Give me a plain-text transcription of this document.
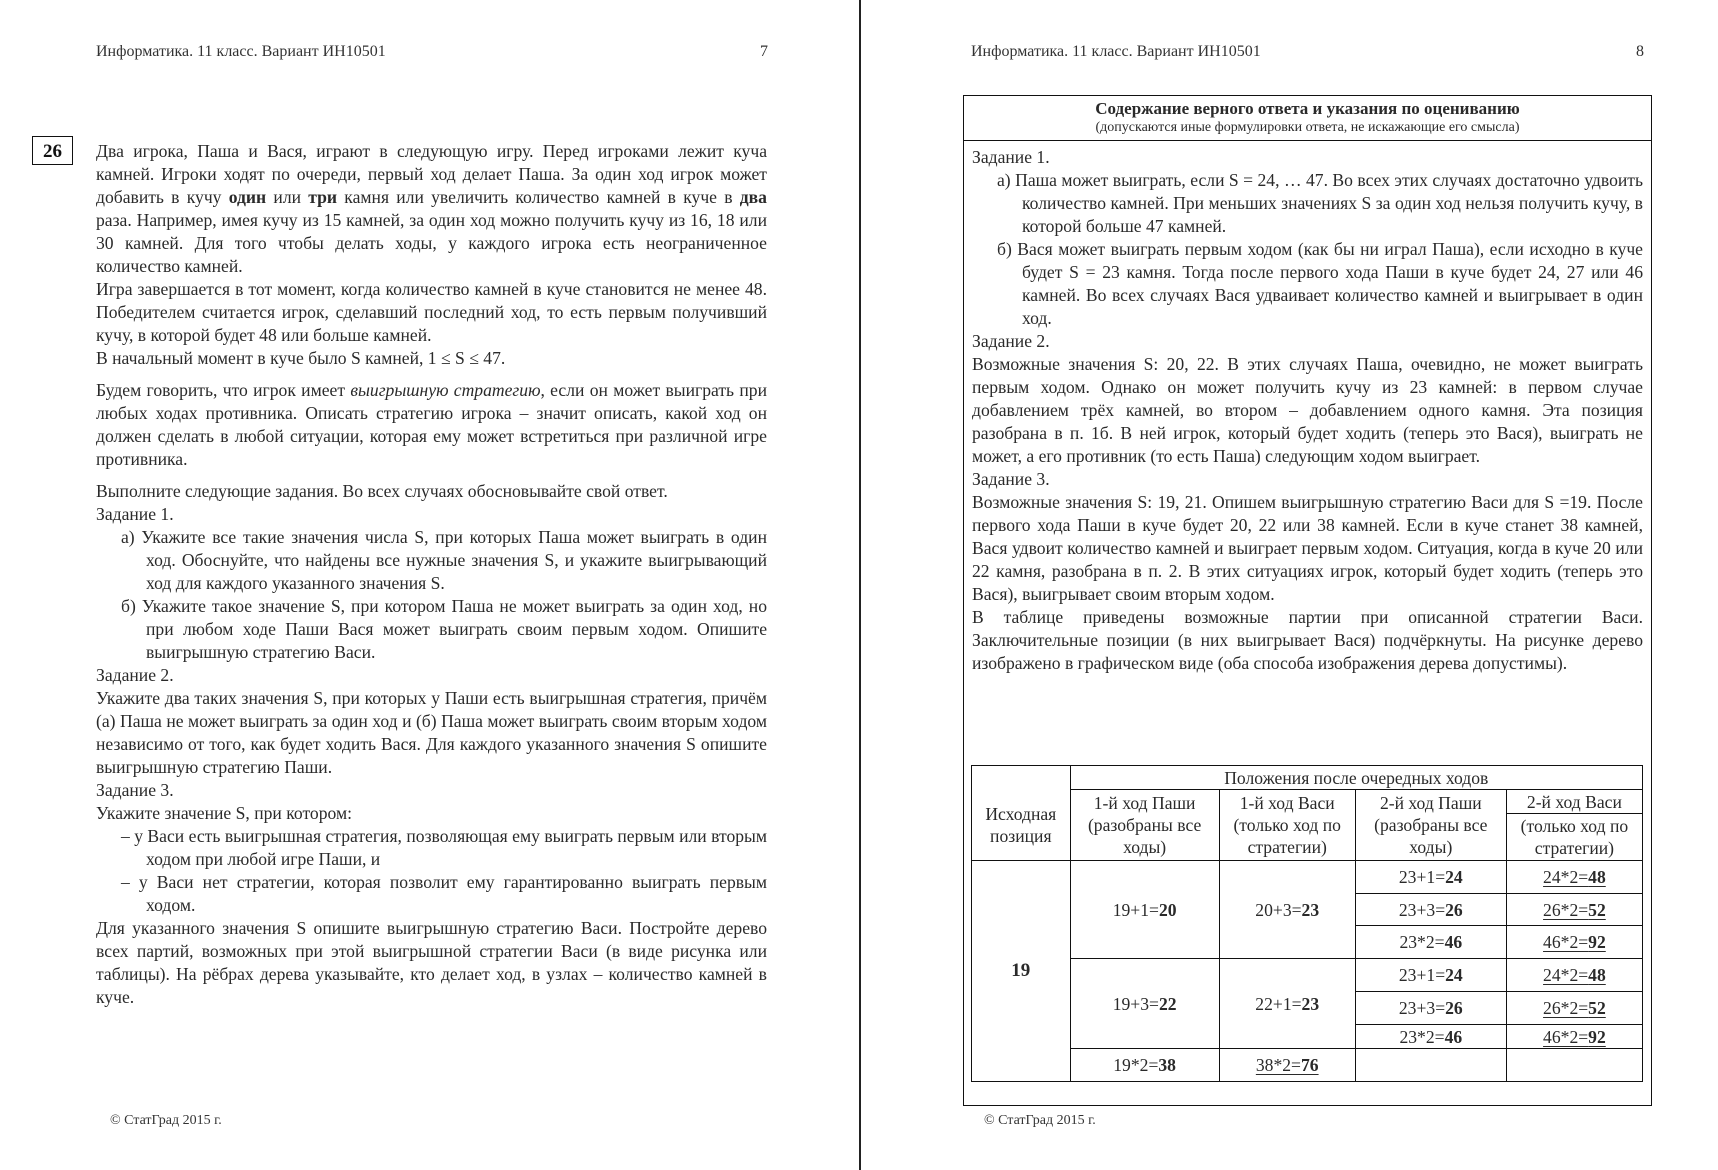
Информатика. 11 класс. Вариант ИН10501	7
26	Два игрока, Паша и Вася, играют в следующую игру. Перед игроками лежит куча камней. Игроки ходят по очереди, первый ход делает Паша. За один ход игрок может добавить в кучу один или три камня или увеличить количество камней в куче в два раза. Например, имея кучу из 15 камней, за один ход можно получить кучу из 16, 18 или 30 камней. Для того чтобы делать ходы, у каждого игрока есть неограниченное количество камней.

Игра завершается в тот момент, когда количество камней в куче становится не менее 48. Победителем считается игрок, сделавший последний ход, то есть первым получивший кучу, в которой будет 48 или больше камней.

В начальный момент в куче было S камней, 1 ≤ S ≤ 47.

Будем говорить, что игрок имеет выигрышную стратегию, если он может выиграть при любых ходах противника. Описать стратегию игрока – значит описать, какой ход он должен сделать в любой ситуации, которая ему может встретиться при различной игре противника.

Выполните следующие задания. Во всех случаях обосновывайте свой ответ.

Задание 1.

а) Укажите все такие значения числа S, при которых Паша может выиграть в один ход. Обоснуйте, что найдены все нужные значения S, и укажите выигрывающий ход для каждого указанного значения S.

б) Укажите такое значение S, при котором Паша не может выиграть за один ход, но при любом ходе Паши Вася может выиграть своим первым ходом. Опишите выигрышную стратегию Васи.

Задание 2.

Укажите два таких значения S, при которых у Паши есть выигрышная стратегия, причём (а) Паша не может выиграть за один ход и (б) Паша может выиграть своим вторым ходом независимо от того, как будет ходить Вася. Для каждого указанного значения S опишите выигрышную стратегию Паши.

Задание 3.

Укажите значение S, при котором:

– у Васи есть выигрышная стратегия, позволяющая ему выиграть первым или вторым ходом при любой игре Паши, и

– у Васи нет стратегии, которая позволит ему гарантированно выиграть первым ходом.

Для указанного значения S опишите выигрышную стратегию Васи. Постройте дерево всех партий, возможных при этой выигрышной стратегии Васи (в виде рисунка или таблицы). На рёбрах дерева указывайте, кто делает ход, в узлах – количество камней в куче.

© СтатГрад 2015 г.
Информатика. 11 класс. Вариант ИН10501	8
Содержание верного ответа и указания по оцениванию
(допускаются иные формулировки ответа, не искажающие его смысла)

Задание 1.

а) Паша может выиграть, если S = 24, … 47. Во всех этих случаях достаточно удвоить количество камней. При меньших значениях S за один ход нельзя получить кучу, в которой больше 47 камней.

б) Вася может выиграть первым ходом (как бы ни играл Паша), если исходно в куче будет S = 23 камня. Тогда после первого хода Паши в куче будет 24, 27 или 46 камней. Во всех случаях Вася удваивает количество камней и выигрывает в один ход.

Задание 2.

Возможные значения S: 20, 22. В этих случаях Паша, очевидно, не может выиграть первым ходом. Однако он может получить кучу из 23 камней: в первом случае добавлением трёх камней, во втором – добавлением одного камня. Эта позиция разобрана в п. 1б. В ней игрок, который будет ходить (теперь это Вася), выиграть не может, а его противник (то есть Паша) следующим ходом выиграет.

Задание 3.

Возможные значения S: 19, 21. Опишем выигрышную стратегию Васи для S =19. После первого хода Паши в куче будет 20, 22 или 38 камней. Если в куче станет 38 камней, Вася удвоит количество камней и выиграет первым ходом. Ситуация, когда в куче 20 или 22 камня, разобрана в п. 2. В этих ситуациях игрок, который будет ходить (теперь это Вася), выигрывает своим вторым ходом.

В таблице приведены возможные партии при описанной стратегии Васи. Заключительные позиции (в них выигрывает Вася) подчёркнуты. На рисунке дерево изображено в графическом виде (оба способа изображения дерева допустимы).

	Положения после очередных ходов			
Исходная позиция	1-й ход Паши (разобраны все ходы)	1-й ход Васи (только ход по стратегии)	2-й ход Паши (разобраны все ходы)	2-й ход Васи
				(только ход по стратегии)
19	19+1=20	20+3=23	23+1=24	24*2=48
			23+3=26	26*2=52
			23*2=46	46*2=92
	19+3=22	22+1=23	23+1=24	24*2=48
			23+3=26	26*2=52
			23*2=46	46*2=92
	19*2=38	38*2=76		
© СтатГрад 2015 г.
